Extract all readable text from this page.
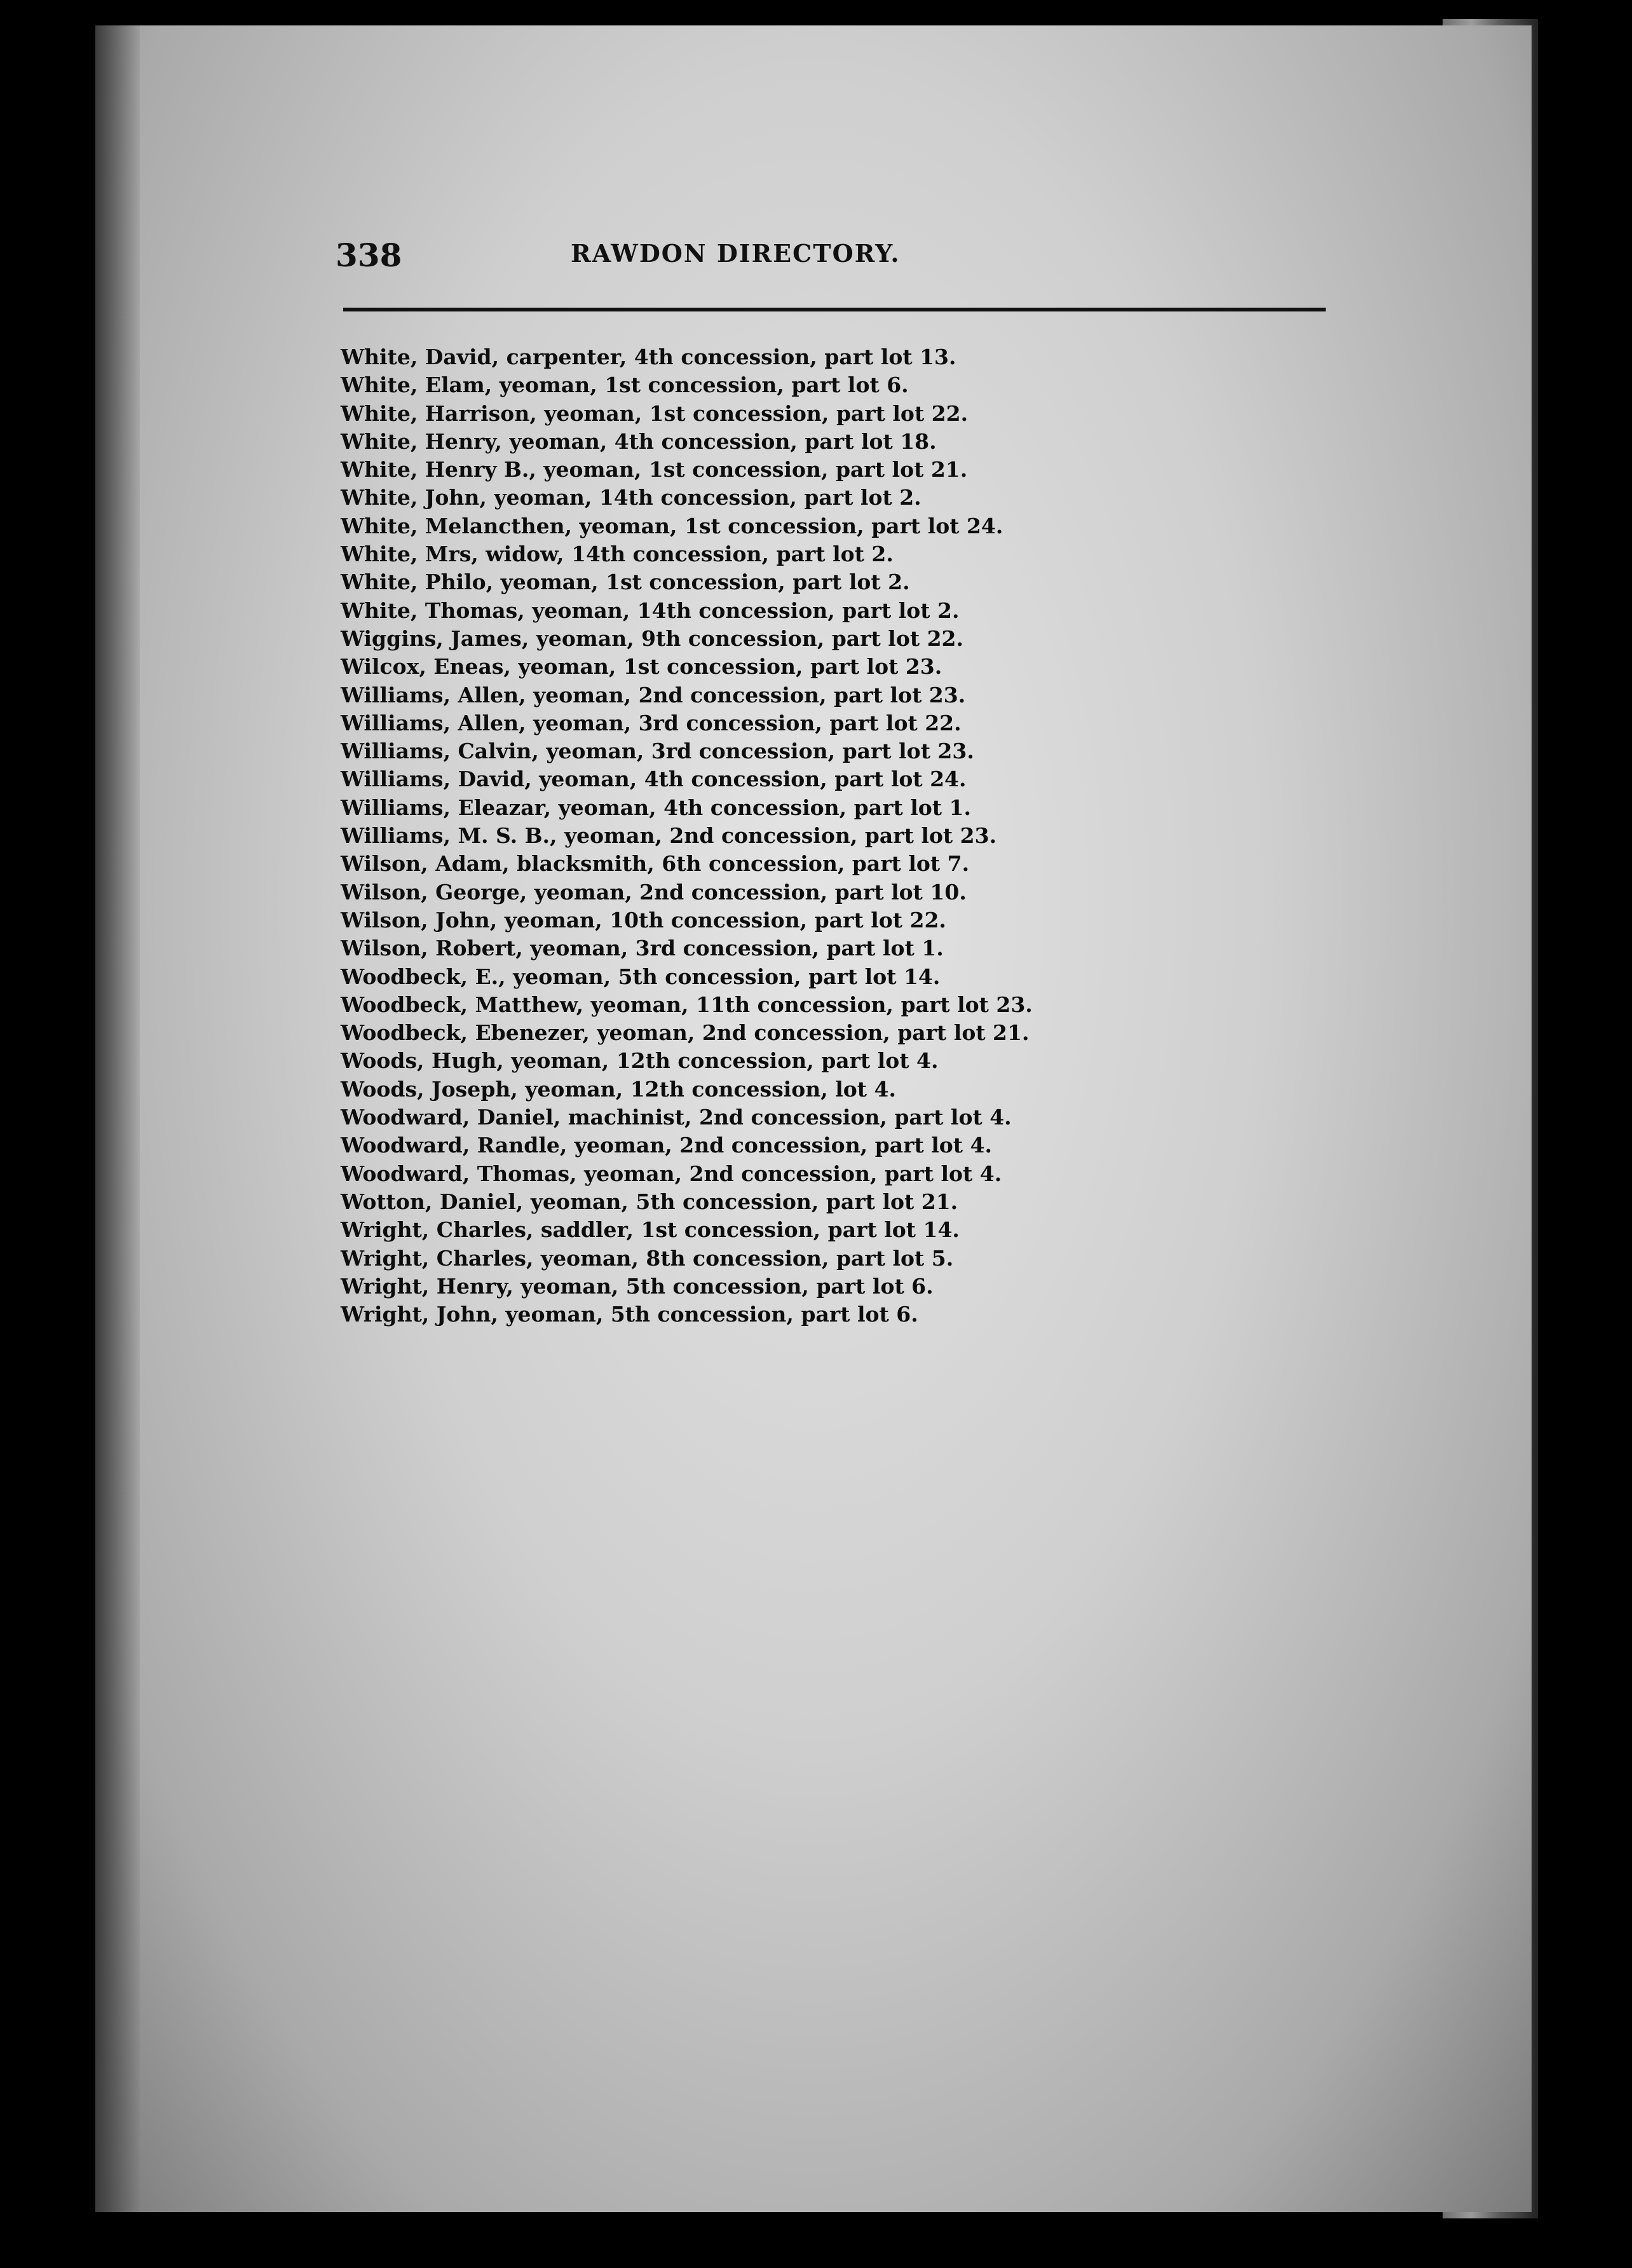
338	RAWDON DIRECTORY.
White, David, carpenter, 4th concession, part lot 13.
White, Elam, yeoman, 1st concession, part lot 6.
White, Harrison, yeoman, 1st concession, part lot 22.
White, Henry, yeoman, 4th concession, part lot 18.
White, Henry B., yeoman, 1st concession, part lot 21.
White, John, yeoman, 14th concession, part lot 2.
White, Melancthen, yeoman, 1st concession, part lot 24.
White, Mrs, widow, 14th concession, part lot 2.
White, Philo, yeoman, 1st concession, part lot 2.
White, Thomas, yeoman, 14th concession, part lot 2.
Wiggins, James, yeoman, 9th concession, part lot 22.
Wilcox, Eneas, yeoman, 1st concession, part lot 23.
Williams, Allen, yeoman, 2nd concession, part lot 23.
Williams, Allen, yeoman, 3rd concession, part lot 22.
Williams, Calvin, yeoman, 3rd concession, part lot 23.
Williams, David, yeoman, 4th concession, part lot 24.
Williams, Eleazar, yeoman, 4th concession, part lot 1.
Williams, M. S. B., yeoman, 2nd concession, part lot 23.
Wilson, Adam, blacksmith, 6th concession, part lot 7.
Wilson, George, yeoman, 2nd concession, part lot 10.
Wilson, John, yeoman, 10th concession, part lot 22.
Wilson, Robert, yeoman, 3rd concession, part lot 1.
Woodbeck, E., yeoman, 5th concession, part lot 14.
Woodbeck, Matthew, yeoman, 11th concession, part lot 23.
Woodbeck, Ebenezer, yeoman, 2nd concession, part lot 21.
Woods, Hugh, yeoman, 12th concession, part lot 4.
Woods, Joseph, yeoman, 12th concession, lot 4.
Woodward, Daniel, machinist, 2nd concession, part lot 4.
Woodward, Randle, yeoman, 2nd concession, part lot 4.
Woodward, Thomas, yeoman, 2nd concession, part lot 4.
Wotton, Daniel, yeoman, 5th concession, part lot 21.
Wright, Charles, saddler, 1st concession, part lot 14.
Wright, Charles, yeoman, 8th concession, part lot 5.
Wright, Henry, yeoman, 5th concession, part lot 6.
Wright, John, yeoman, 5th concession, part lot 6.
